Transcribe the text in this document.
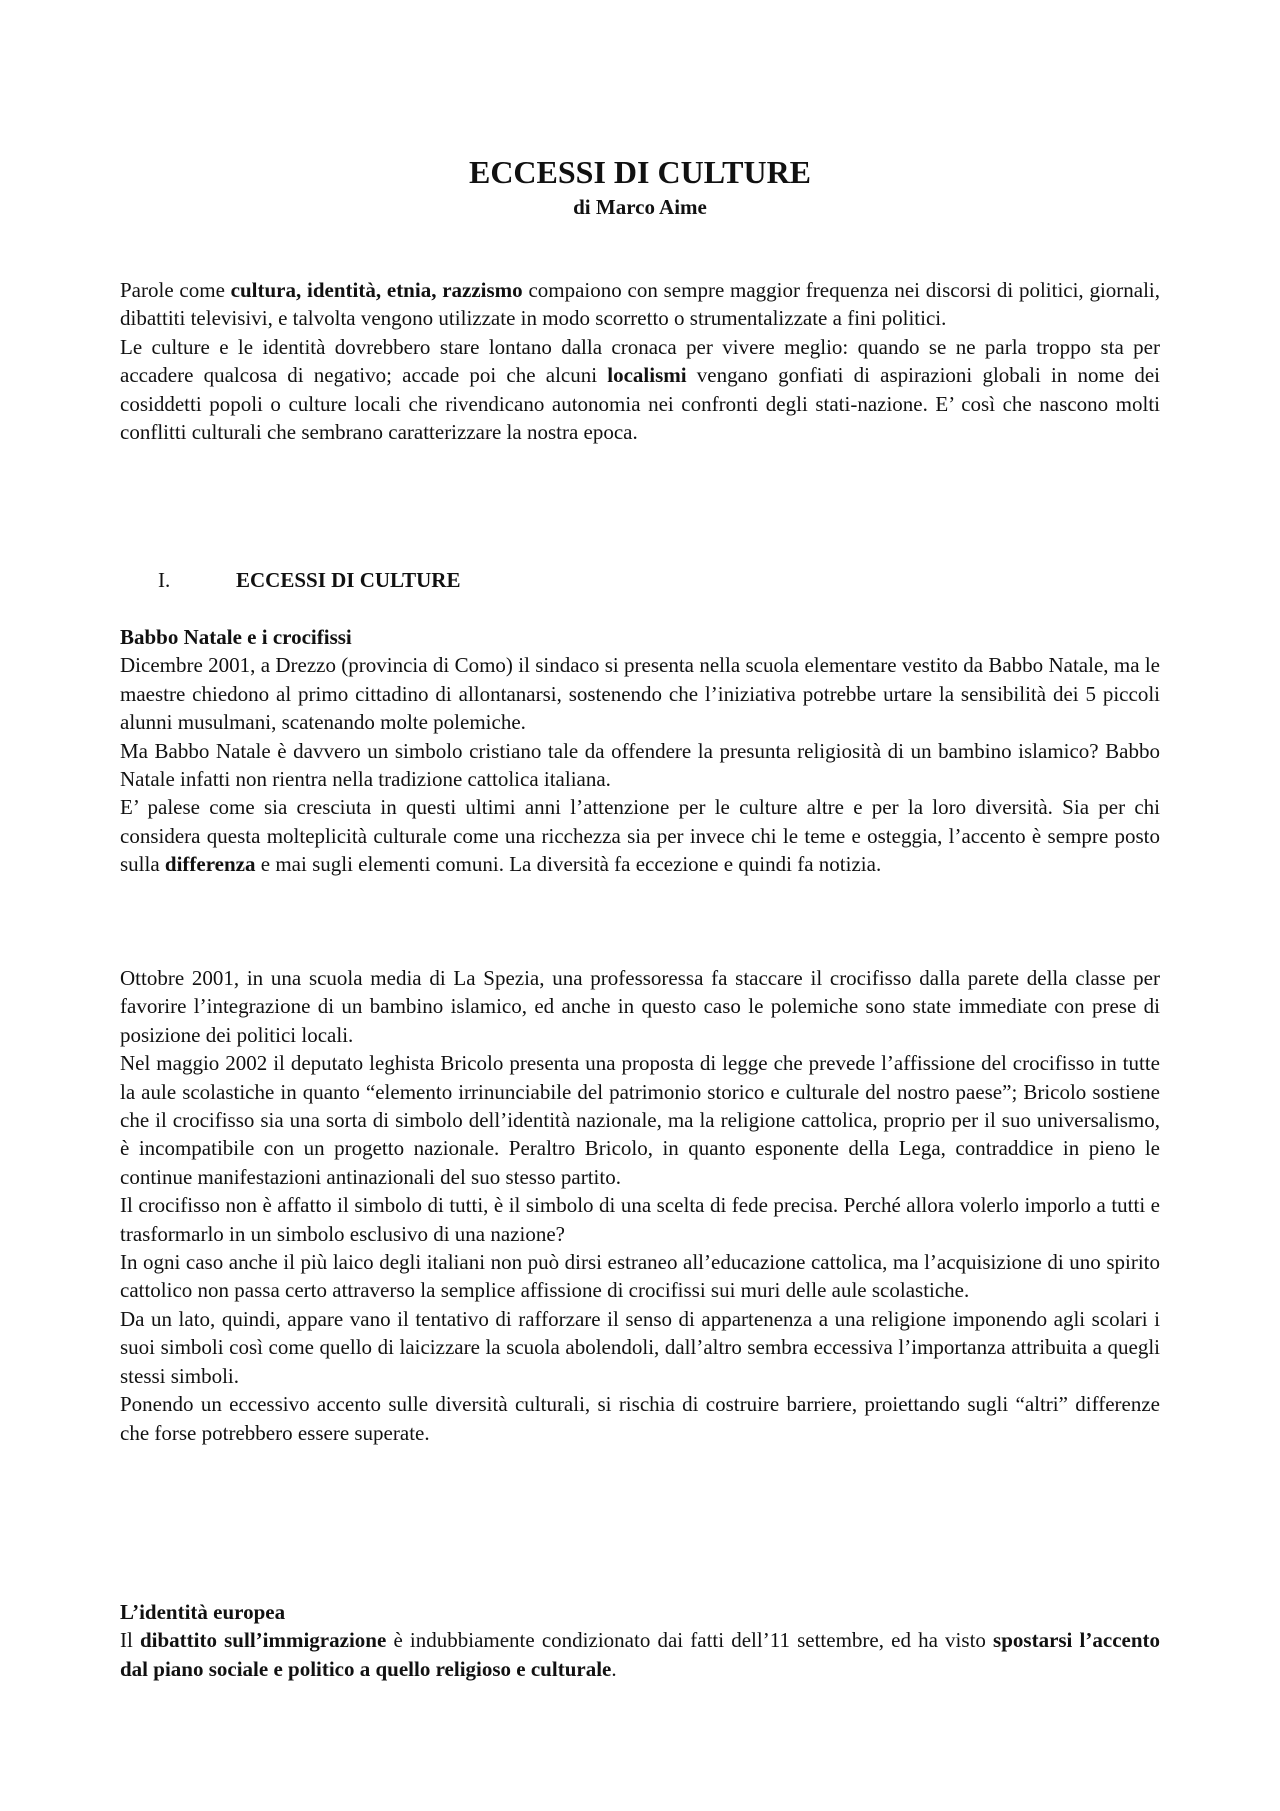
ECCESSI DI CULTURE
di Marco Aime

Parole come cultura, identità, etnia, razzismo compaiono con sempre maggior frequenza nei discorsi di politici, giornali, dibattiti televisivi, e talvolta vengono utilizzate in modo scorretto o strumentalizzate a fini politici.

Le culture e le identità dovrebbero stare lontano dalla cronaca per vivere meglio: quando se ne parla troppo sta per accadere qualcosa di negativo; accade poi che alcuni localismi vengano gonfiati di aspirazioni globali in nome dei cosiddetti popoli o culture locali che rivendicano autonomia nei confronti degli stati-nazione. E’ così che nascono molti conflitti culturali che sembrano caratterizzare la nostra epoca.

I.	ECCESSI DI CULTURE
Babbo Natale e i crocifissi

Dicembre 2001, a Drezzo (provincia di Como) il sindaco si presenta nella scuola elementare vestito da Babbo Natale, ma le maestre chiedono al primo cittadino di allontanarsi, sostenendo che l’iniziativa potrebbe urtare la sensibilità dei 5 piccoli alunni musulmani, scatenando molte polemiche.

Ma Babbo Natale è davvero un simbolo cristiano tale da offendere la presunta religiosità di un bambino islamico? Babbo Natale infatti non rientra nella tradizione cattolica italiana.

E’ palese come sia cresciuta in questi ultimi anni l’attenzione per le culture altre e per la loro diversità. Sia per chi considera questa molteplicità culturale come una ricchezza sia per invece chi le teme e osteggia, l’accento è sempre posto sulla differenza e mai sugli elementi comuni. La diversità fa eccezione e quindi fa notizia.

Ottobre 2001, in una scuola media di La Spezia, una professoressa fa staccare il crocifisso dalla parete della classe per favorire l’integrazione di un bambino islamico, ed anche in questo caso le polemiche sono state immediate con prese di posizione dei politici locali.

Nel maggio 2002 il deputato leghista Bricolo presenta una proposta di legge che prevede l’affissione del crocifisso in tutte la aule scolastiche in quanto “elemento irrinunciabile del patrimonio storico e culturale del nostro paese”; Bricolo sostiene che il crocifisso sia una sorta di simbolo dell’identità nazionale, ma la religione cattolica, proprio per il suo universalismo, è incompatibile con un progetto nazionale. Peraltro Bricolo, in quanto esponente della Lega, contraddice in pieno le continue manifestazioni antinazionali del suo stesso partito.

Il crocifisso non è affatto il simbolo di tutti, è il simbolo di una scelta di fede precisa. Perché allora volerlo imporlo a tutti e trasformarlo in un simbolo esclusivo di una nazione?

In ogni caso anche il più laico degli italiani non può dirsi estraneo all’educazione cattolica, ma l’acquisizione di uno spirito cattolico non passa certo attraverso la semplice affissione di crocifissi sui muri delle aule scolastiche.

Da un lato, quindi, appare vano il tentativo di rafforzare il senso di appartenenza a una religione imponendo agli scolari i suoi simboli così come quello di laicizzare la scuola abolendoli, dall’altro sembra eccessiva l’importanza attribuita a quegli stessi simboli.

Ponendo un eccessivo accento sulle diversità culturali, si rischia di costruire barriere, proiettando sugli “altri” differenze che forse potrebbero essere superate.

L’identità europea

Il dibattito sull’immigrazione è indubbiamente condizionato dai fatti dell’11 settembre, ed ha visto spostarsi l’accento dal piano sociale e politico a quello religioso e culturale.
